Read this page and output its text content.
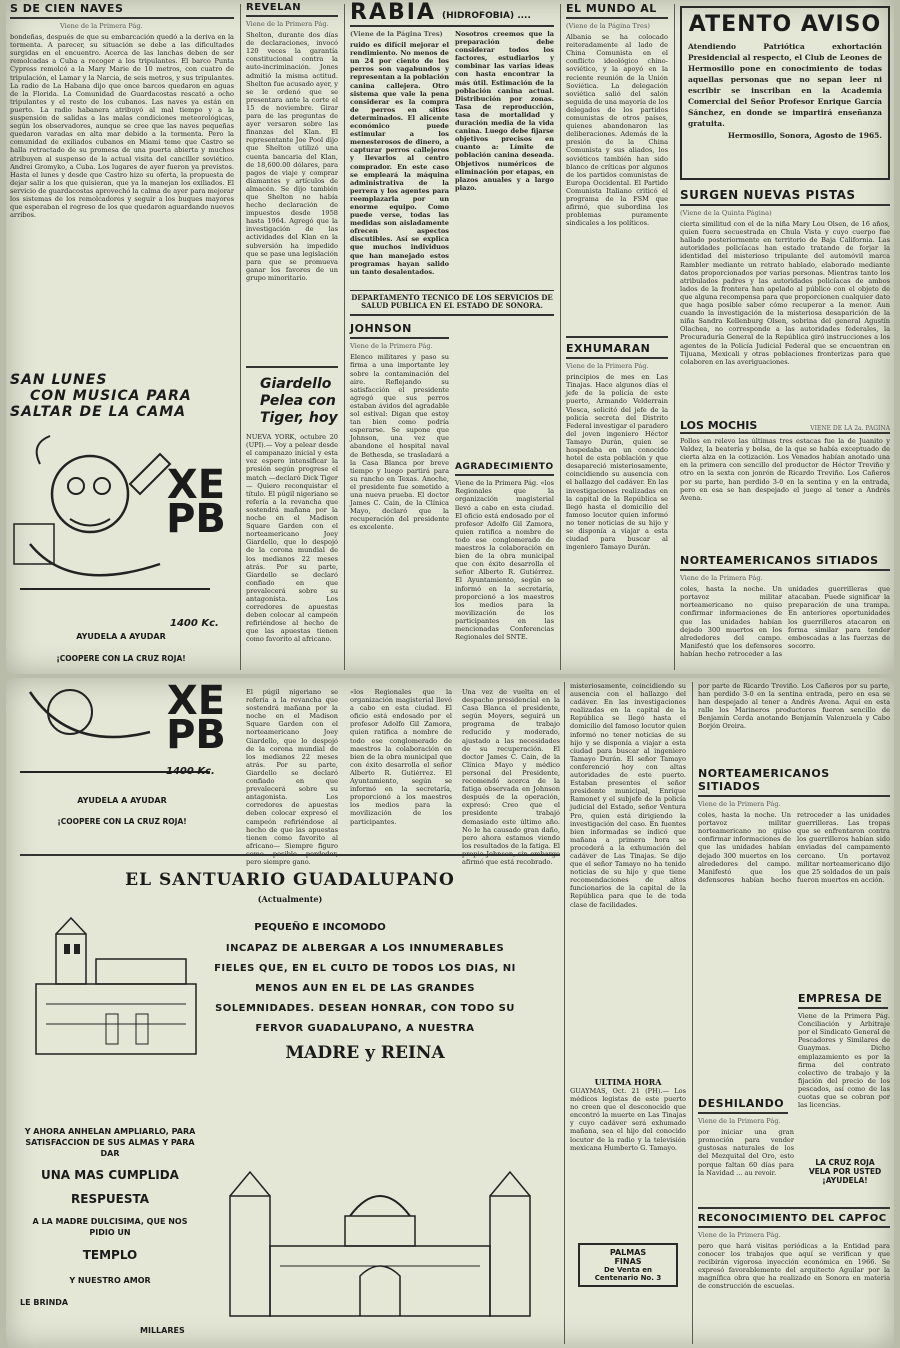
S DE CIEN NAVES
Viene de la Primera Pág.
bondeñas, después de que su embarcación quedó a la deriva en la tormenta. A parecer, su situación se debe a las dificultades surgidas en el encuentro. Acerca de las lanchas deben de ser remolcadas a Cuba a recoger a los tripulantes. El barco Punta Cypress remolcó a la Mary Marie de 10 metros, con cuatro de tripulación, el Lamar y la Narcia, de seis metros, y sus tripulantes. La radio de La Habana dijo que once barcos quedaron en aguas de la Florida. La Comunidad de Guardacostas rescató a ocho tripulantes y el resto de los cubanos. Las naves ya están en puerto. La radio habanera atribuyó al mal tiempo y a la suspensión de salidas a las malas condiciones meteorológicas, según los observadores, aunque se cree que las naves pequeñas quedaron varadas en alta mar debido a la tormenta. Pero la comunidad de exiliados cubanos en Miami teme que Castro se halla retractado de su promesa de una puerta abierta y muchos atribuyen al suspenso de la actual visita del canciller soviético. Andrei Gromyko, a Cuba. Los lugares de ayer fueron ya previstos. Hasta el lunes y desde que Castro hizo su oferta, la propuesta de dejar salir a los que quisieran, que ya la manejan los exiliados. El servicio de guardacostas aprovechó la calma de ayer para mejorar los sistemas de los remolcadores y seguir a los buques mayores que esperaban el regreso de los que quedaron aguardando nuevos arribos.
SAN LUNES
CON MUSICA PARA
SALTAR DE LA CAMA
XEPB
1400 Kc.
AYUDELA A AYUDAR
¡COOPERE CON LA CRUZ ROJA!
REVELAN
Viene de la Primera Pág.
Shelton, durante dos días de declaraciones, invocó 120 veces la garantía constitucional contra la auto-incriminación. Jones admitió la misma actitud. Shelton fue acusado ayer, y se le ordenó que se presentara ante la corte el 15 de noviembre. Girar para de las preguntas de ayer versaron sobre las finanzas del Klan. El representante Joe Pool dijo que Shelton utilizó una cuenta bancaria del Klan, de 18,600.00 dólares, para pagos de viaje y comprar diamantes y artículos de almacén. Se dijo también que Shelton no había hecho declaración de impuestos desde 1958 hasta 1964. Agregó que la investigación de las actividades del Klan en la subversión ha impedido que se pase una legislación para que se promueva ganar los favores de un grupo minoritario.
Giardello Pelea con Tiger, hoy
NUEVA YORK, octubre 20 (UPI).— Voy a pelear desde el campanazo inicial y esta vez espero intensificar la presión según progrese el match —declaró Dick Tiger— Quiero reconquistar el título. El púgil nigeriano se refería a la revancha que sostendrá mañana por la noche en el Madison Square Garden con el norteamericano Joey Giardello, que lo despojó de la corona mundial de los medianos 22 meses atrás. Por su parte, Giardello se declaró confiado en que prevalecerá sobre su antagonista. Los corredores de apuestas deben colocar al campeón refiriéndose al hecho de que las apuestas tienen como favorito al africano.
RABIA (HIDROFOBIA) ....
(Viene de la Página Tres)
ruido es difícil mejorar el rendimiento. No menos de un 24 por ciento de los perros son vagabundos y representan a la población canina callejera. Otro sistema que vale la pena considerar es la compra de perros en sitios determinados. El alicente económico puede estimular a los menesterosos de dinero, a capturar perros callejeros y llevarlos al centro comprador. En este caso se empleará la máquina administrativa de la perrera y los agentes para reemplazarla por un enorme equipo. Como puede verse, todas las medidas son aisladamente ofrecen aspectos discutibles. Así se explica que muchos individuos que han manejado estos programas hayan salido un tanto desalentados.
Nosotros creemos que la preparación debe considerar todos los factores, estudiarlos y combinar las varias ideas con hasta encontrar la más útil. Estimación de la población canina actual. Distribución por zonas. Tasa de reproducción, tasa de mortalidad y duración media de la vida canina. Luego debe fijarse objetivos precisos en cuanto a: Límite de población canina deseada. Objetivos numéricos de eliminación por etapas, en plazos anuales y a largo plazo.
DEPARTAMENTO TECNICO DE LOS SERVICIOS DE SALUD PUBLICA EN EL ESTADO DE SONORA.
JOHNSON
Viene de la Primera Pág.
Elenco militares y paso su firma a una importante ley sobre la contaminación del aire. Reflejando su satisfacción el presidente agregó que sus perros estaban ávidos del agradable sol estival: Digan que estoy tan bien como podría esperarse. Se supone que Johnson, una vez que abandone el hospital naval de Bethesda, se trasladará a la Casa Blanca por breve tiempo y luego partirá para su rancho en Texas. Anoche, el presidente fue sometido a una nueva prueba. El doctor James C. Cain, de la Clínica Mayo, declaró que la recuperación del presidente es excelente.
AGRADECIMIENTO
Viene de la Primera Pág. «los Regionales que la organización magisterial llevó a cabo en esta ciudad. El oficio está endosado por el profesor Adolfo Gil Zamora, quien ratifica a nombre de todo ese conglomerado de maestros la colaboración en bien de la obra municipal que con éxito desarrolla el señor Alberto R. Gutiérrez. El Ayuntamiento, según se informó en la secretaría, proporcionó a los maestros los medios para la movilización de los participantes en las mencionadas Conferencias Regionales del SNTE.
EL MUNDO AL
(Viene de la Página Tres)
Albania se ha colocado reiteradamente al lado de China Comunista en el conflicto ideológico chino-soviético, y la apoyó en la reciente reunión de la Unión Soviética. La delegación soviética salió del salón seguida de una mayoría de los delegados de los partidos comunistas de otros países, quienes abandonaron las deliberaciones. Además de la presión de la China Comunista y sus aliados, los soviéticos también han sido blanco de críticas por algunos de los partidos comunistas de Europa Occidental. El Partido Comunista Italiano criticó el programa de la FSM que afirmó, que subordina los problemas puramente sindicales a los políticos.
EXHUMARAN
Viene de la Primera Pág.
principios de mes en Las Tinajas. Hace algunos días el jefe de la policía de este puerto, Armando Velderrain Viesca, solicitó del jefe de la policía secreta del Distrito Federal investigar el paradero del joven ingeniero Héctor Tamayo Durán, quien se hospedaba en un conocido hotel de esta población y que desapareció misteriosamente, coincidiendo su ausencia con el hallazgo del cadáver. En las investigaciones realizadas en la capital de la República se llegó hasta el domicilio del famoso locutor quien informó no tener noticias de su hijo y se disponía a viajar a esta ciudad para buscar al ingeniero Tamayo Durán.
ATENTO AVISO
Atendiendo Patriótica exhortación Presidencial al respecto, el Club de Leones de Hermosillo pone en conocimiento de todas aquellas personas que no sepan leer ni escribir se inscriban en la Academia Comercial del Señor Profesor Enrique García Sánchez, en donde se impartirá enseñanza gratuita.
Hermosillo, Sonora, Agosto de 1965.
SURGEN NUEVAS PISTAS
(Viene de la Quinta Página)
cierta similitud con el de la niña Mary Lou Olsen, de 16 años, quien fuera secuestrada en Chula Vista y cuyo cuerpo fue hallado posteriormente en territorio de Baja California. Las autoridades policíacas han estado tratando de forjar la identidad del misterioso tripulante del automóvil marca Rambler mediante un retrato hablado, elaborado mediante datos proporcionados por varias personas. Mientras tanto los atribulados padres y las autoridades policíacas de ambos lados de la frontera han apelado al público con el objeto de que alguna recompensa para que proporcionen cualquier dato que haga posible saber cómo recuperar a la menor. Aun cuando la investigación de la misteriosa desaparición de la niña Sandra Kellenburg Olsen, sobrina del general Agustín Olachea, no corresponde a las autoridades federales, la Procuraduría General de la República giró instrucciones a los agentes de la Policía Judicial Federal que se encuentran en Tijuana, Mexicali y otras poblaciones fronterizas para que colaboren en las averiguaciones.
LOS MOCHIS	VIENE DE LA 2a. PAGINA
Pollos en relevo las últimas tres estacas fue la de Juanito y Valdez, la beatería y bolsa, de la que se había exceptuado de cierta alza en la cotización. Los Venados habían anotado una en la primera con sencillo del productor de Héctor Treviño y otro en la sexta con jonrón de Ricardo Treviño. Los Cañeros por su parte, han perdido 3-0 en la sentina y en la entrada, pero en esa se han despejado el juego al tener a Andrés Avena.
NORTEAMERICANOS SITIADOS
Viene de la Primera Pág.
coles, hasta la noche. Un portavoz militar norteamericano no quiso confirmar informaciones de que las unidades habían dejado 300 muertos en los alrededores del campo. Manifestó que los defensores habían hecho retroceder a las unidades guerrilleras que atacaban. Puede significar la preparación de una trampa. En anteriores oportunidades los guerrilleros atacaron en forma similar para tender emboscadas a las fuerzas de socorro.
XEPB
1400 Kc.
AYUDELA A AYUDAR
¡COOPERE CON LA CRUZ ROJA!
El púgil nigeriano se refería a la revancha que sostendrá mañana por la noche en el Madison Square Garden con el norteamericano Joey Giardello, que lo despojó de la corona mundial de los medianos 22 meses atrás. Por su parte, Giardello se declaró confiado en que prevalecerá sobre su antagonista. Los corredores de apuestas deben colocar expresó el campeón refiriéndose al hecho de que las apuestas tienen como favorito al africano— Siempre figuro como posible perdedor, pero siempre gano.
«los Regionales que la organización magisterial llevó a cabo en esta ciudad. El oficio está endosado por el profesor Adolfo Gil Zamora, quien ratifica a nombre de todo ese conglomerado de maestros la colaboración en bien de la obra municipal que con éxito desarrolla el señor Alberto R. Gutiérrez. El Ayuntamiento, según se informó en la secretaría, proporcionó a los maestros los medios para la movilización de los participantes.
Una vez de vuelta en el despacho presidencial en la Casa Blanca el presidente, según Moyers, seguirá un programa de trabajo reducido y moderado, ajustado a las necesidades de su recuperación. El doctor James C. Cain, de la Clínica Mayo y médico personal del Presidente, recomendó acerca de la fatiga observada en Johnson después de la operación, expresó: Creo que el presidente trabajó demasiado este último año. No le ha causado gran daño, pero ahora estamos viendo los resultados de la fatiga. El propio Johnson, sin embargo afirmó que está recobrado.
EL SANTUARIO GUADALUPANO
(Actualmente)
PEQUEÑO E INCOMODO
INCAPAZ DE ALBERGAR A LOS INNUMERABLES FIELES QUE, EN EL CULTO DE TODOS LOS DIAS, NI MENOS AUN EN EL DE LAS GRANDES SOLEMNIDADES. DESEAN HONRAR, CON TODO SU FERVOR GUADALUPANO, A NUESTRA
MADRE y REINA
Y AHORA ANHELAN AMPLIARLO, PARA SATISFACCION DE SUS ALMAS Y PARA DAR
UNA MAS CUMPLIDA
RESPUESTA
A LA MADRE DULCISIMA, QUE NOS PIDIO UN
TEMPLO
Y NUESTRO AMOR
LE BRINDA
MILLARES
misteriosamente, coincidiendo su ausencia con el hallazgo del cadáver. En las investigaciones realizadas en la capital de la República se llegó hasta el domicilio del famoso locutor quien informó no tener noticias de su hijo y se disponía a viajar a esta ciudad para buscar al ingeniero Tamayo Durán. El señor Tamayo conferenció hoy con altas autoridades de este puerto. Estaban presentes el señor presidente municipal, Enrique Ramonet y el subjefe de la policía judicial del Estado, señor Ventura Pro, quien está dirigiendo la investigación del caso. En fuentes bien informadas se indicó que mañana a primera hora se procederá a la exhumación del cadáver de Las Tinajas. Se dijo que el señor Tamayo no ha tenido noticias de su hijo y que tiene recomendaciones de altos funcionarios de la capital de la República para que le de toda clase de facilidades.
ULTIMA HORA
GUAYMAS, Oct. 21 (PH).— Los médicos legistas de este puerto no creen que el desconocido que encontró la muerte en Las Tinajas y cuyo cadáver será exhumado mañana, sea el hijo del conocido locutor de la radio y la televisión mexicana Humberto G. Tamayo.
PALMAS
FINAS
De Venta en
Centenario No. 3
por parte de Ricardo Treviño. Los Cañeros por su parte, han perdido 3-0 en la sentina entrada, pero en esa se han despejado al tener a Andrés Avena. Aquí en esta ralle los Marineros productores fueron sencillo de Benjamín Cerda anotando Benjamín Valenzuela y Cabo Borjón Oreira.
NORTEAMERICANOS SITIADOS
Viene de la Primera Pág.
coles, hasta la noche. Un portavoz militar norteamericano no quiso confirmar informaciones de que las unidades habían dejado 300 muertos en los alrededores del campo. Manifestó que los defensores habían hecho retroceder a las unidades guerrilleras. Las tropas que se enfrentaron contra los guerrilleros habían sido enviadas del campamento cercano. Un portavoz militar norteamericano dijo que 25 soldados de un país fueron muertos en acción.
EMPRESA DE
Viene de la Primera Pág. Conciliación y Arbitraje por el Sindicato General de Pescadores y Similares de Guaymas. Dicho emplazamiento es por la firma del contrato colectivo de trabajo y la fijación del precio de los pescados, así como de las cuotas que se cobran por las licencias.
DESHILANDO
Viene de la Primera Pág.
por iniciar una gran promoción para vender gustosas naturales de los del Mezquital del Oro, esto porque faltan 60 días para la Navidad ... au revoir.
LA CRUZ ROJA
VELA POR USTED
¡AYUDELA!
RECONOCIMIENTO DEL CAPFOC
Viene de la Primera Pág.
pero que hará visitas periódicas a la Entidad para conocer los trabajos que aquí se verifican y que recibirán vigorosa inyección económica en 1966. Se expresó favorablemente del arquitecto Aguilar por la magnífica obra que ha realizado en Sonora en materia de construcción de escuelas.
